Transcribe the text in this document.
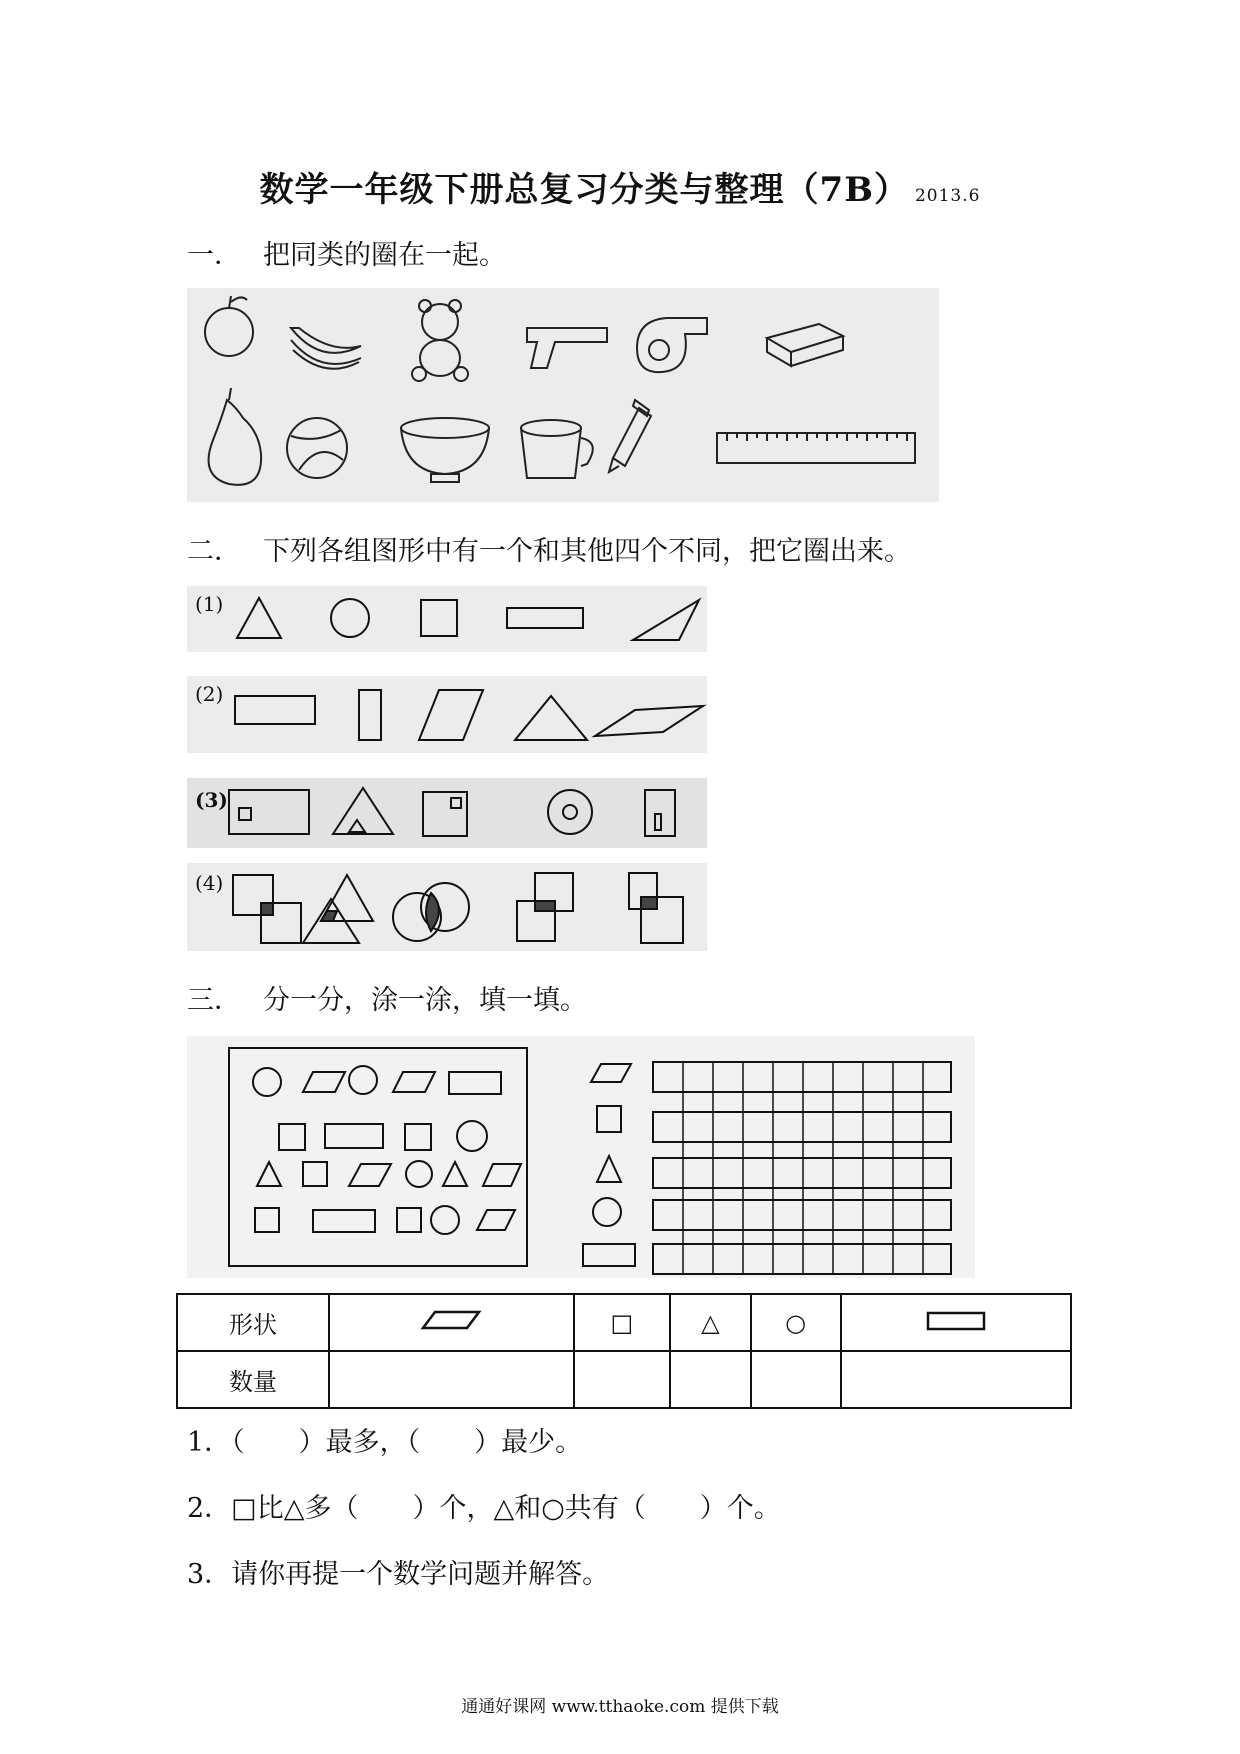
数学一年级下册总复习分类与整理（7B） 2013.6
一． 把同类的圈在一起。
二． 下列各组图形中有一个和其他四个不同，把它圈出来。
(1)
(2)
(3)
(4)
三． 分一分，涂一涂，填一填。
形状		□	△	○	
数量					
1．（　　）最多，（　　）最少。
2．□比△多（　　）个，△和○共有（　　）个。
3．请你再提一个数学问题并解答。
通通好课网 www.tthaoke.com 提供下载
